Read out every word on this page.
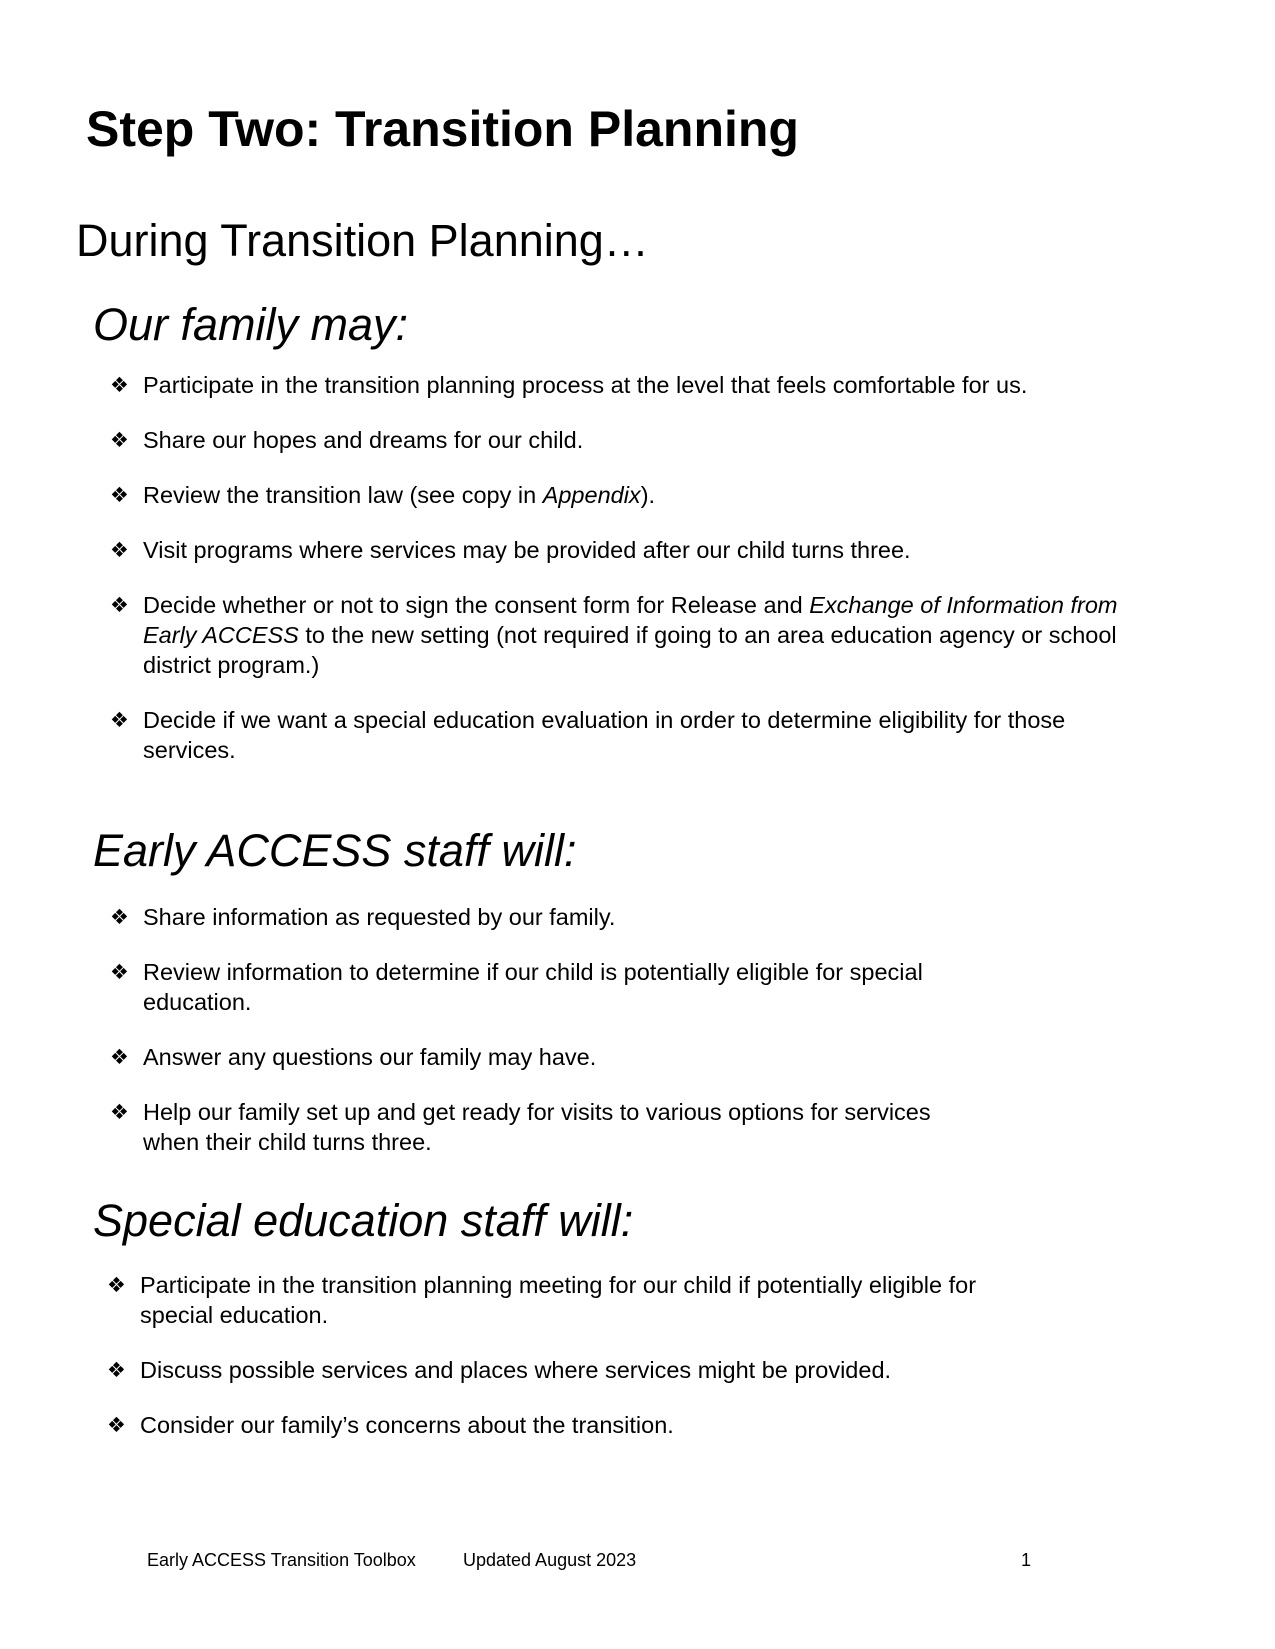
Step Two: Transition Planning
During Transition Planning…
Our family may:
❖ Participate in the transition planning process at the level that feels comfortable for us.
❖ Share our hopes and dreams for our child.
❖ Review the transition law (see copy in Appendix).
❖ Visit programs where services may be provided after our child turns three.
❖ Decide whether or not to sign the consent form for Release and Exchange of Information from Early ACCESS to the new setting (not required if going to an area education agency or school district program.)
❖ Decide if we want a special education evaluation in order to determine eligibility for those services.
Early ACCESS staff will:
❖ Share information as requested by our family.
❖ Review information to determine if our child is potentially eligible for special education.
❖ Answer any questions our family may have.
❖ Help our family set up and get ready for visits to various options for services when their child turns three.
Special education staff will:
❖ Participate in the transition planning meeting for our child if potentially eligible for special education.
❖ Discuss possible services and places where services might be provided.
❖ Consider our family’s concerns about the transition.
Early ACCESS Transition Toolbox	Updated August 2023	1
